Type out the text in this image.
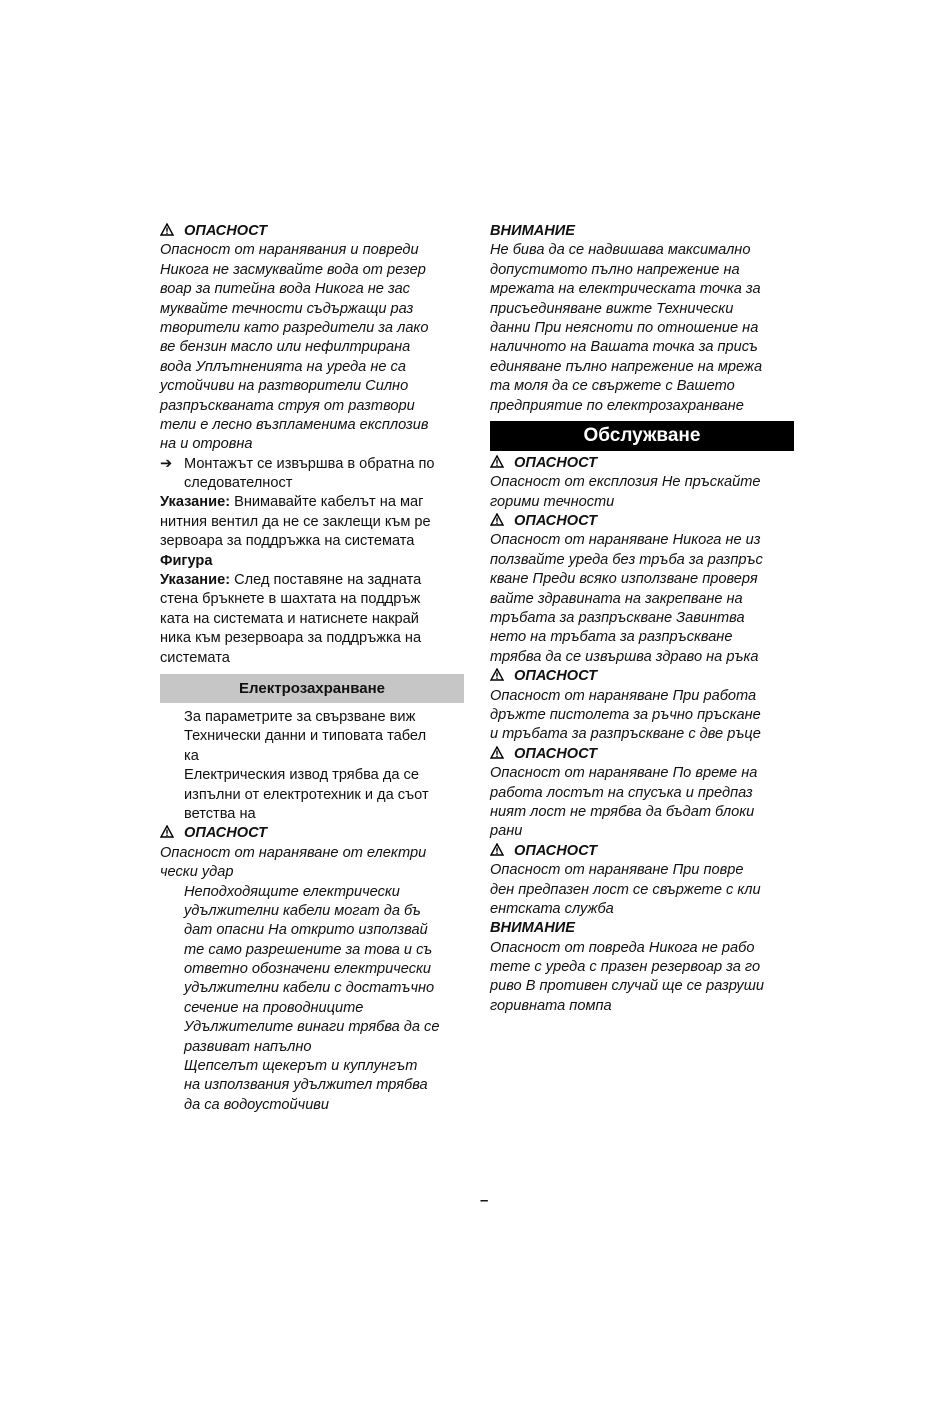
ОПАСНОСТ
Опасност от наранявания и повреди
Никога не засмуквайте вода от резер
воар за питейна вода Никога не зас
муквайте течности съдържащи раз
творители като разредители за лако
ве бензин масло или нефилтрирана
вода Уплътненията на уреда не са
устойчиви на разтворители Силно
разпръскваната струя от разтвори
тели е лесно възпламенима експлозив
на и отровна
➔ Монтажът се извършва в обратна по
следователност
Указание: Внимавайте кабелът на маг
нитния вентил да не се заклещи към ре
зервоара за поддръжка на системата
Фигура
Указание: След поставяне на задната
стена бръкнете в шахтата на поддръж
ката на системата и натиснете накрай
ника към резервоара за поддръжка на
системата
Електрозахранване
За параметрите за свързване виж
Технически данни и типовата табел
ка
Електрическия извод трябва да се
изпълни от електротехник и да съот
ветства на
ОПАСНОСТ
Опасност от нараняване от електри
чески удар
Неподходящите електрически
удължителни кабели могат да бъ
дат опасни На открито използвай
те само разрешените за това и съ
ответно обозначени електрически
удължителни кабели с достатъчно
сечение на проводниците
Удължителите винаги трябва да се
развиват напълно
Щепселът щекерът и куплунгът
на използвания удължител трябва
да са водоустойчиви
ВНИМАНИЕ
Не бива да се надвишава максимално
допустимото пълно напрежение на
мрежата на електрическата точка за
присъединяване вижте Технически
данни При неясноти по отношение на
наличното на Вашата точка за присъ
единяване пълно напрежение на мрежа
та моля да се свържете с Вашето
предприятие по електрозахранване
Обслужване
ОПАСНОСТ
Опасност от експлозия Не пръскайте
горими течности
ОПАСНОСТ
Опасност от нараняване Никога не из
ползвайте уреда без тръба за разпръс
кване Преди всяко използване проверя
вайте здравината на закрепване на
тръбата за разпръскване Завинтва
нето на тръбата за разпръскване
трябва да се извършва здраво на ръка
ОПАСНОСТ
Опасност от нараняване При работа
дръжте пистолета за ръчно пръскане
и тръбата за разпръскване с две ръце
ОПАСНОСТ
Опасност от нараняване По време на
работа лостът на спусъка и предпаз
ният лост не трябва да бъдат блоки
рани
ОПАСНОСТ
Опасност от нараняване При повре
ден предпазен лост се свържете с кли
ентската служба
ВНИМАНИЕ
Опасност от повреда Никога не рабо
тете с уреда с празен резервоар за го
риво В противен случай ще се разруши
горивната помпа
–
